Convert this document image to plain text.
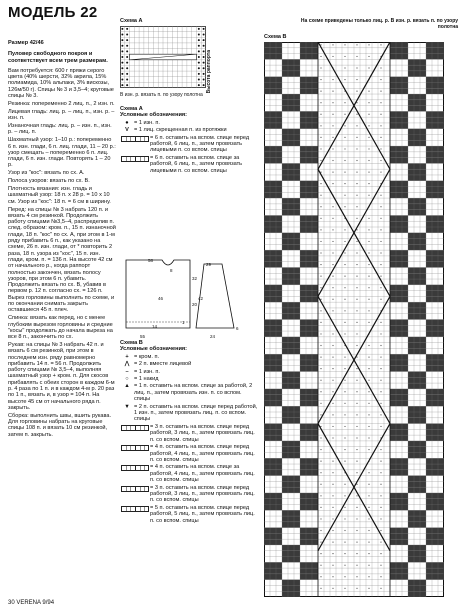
МОДЕЛЬ 22

Размер 42/46

Пуловер свободного покроя и соответствует всем трем размерам.

Вам потребуется: 600 г пряжи серого цвета (40% шерсти, 32% акрила, 15% полиамида, 10% альпаки, 3% вискозы, 126м/50 г). Спицы № 3 и 3,5–4; круговые спицы № 3.

Резинка: попеременно 2 лиц. п., 2 изн. п.

Лицевая гладь: лиц. р. – лиц. п., изн. р. – изн. п.

Изнаночная гладь: лиц. р. – изн. п., изн. р. – лиц. п.

Шахматный узор: 1–10 р.: попеременно 6 п. изн. глади, 6 п. лиц. глади, 11 – 20 р.: узор смещать – попеременно 6 п. лиц. глади, 6 п. изн. глади. Повторять 1 – 20 р.

Узор из "кос": вязать по сх. А.

Полоса узоров: вязать по сх. В.

Плотность вязания: изн. гладь и шахматный узор: 18 п. х 28 р. = 10 х 10 см. Узор из "кос": 18 п. = 6 см в ширину.

Перед: на спицы № 3 набрать 120 п. и вязать 4 см резинкой. Продолжить работу спицами №3,5–4, распределив п. след. образом: кром. п., 15 п. изнаночной глади, 18 п. "кос" по сх. А, при этом в 1-м ряду прибавить 6 п., как указано на схеме, 26 п. изн. глади, от * повторить 2 раза, 18 п. узора из "кос", 15 п. изн. глади, кром. п. = 136 п. На высоте 42 см от начального р., когда раппорт полностью закончен, вязать полосу узоров, при этом 6 п. убавить. Продолжить вязать по сх. В, убавив в первом р. 12 п. согласно сх. = 126 п. Вырез горловины выполнить по схеме, и по окончании снимать закрыть оставшиеся 45 п. плеч.

Спинка: вязать как перед, но с менее глубоким вырезом горловины и средние "косы" продолжать до начала выреза на все 8 п., закончить по сх.

Рукав: на спицы № 3 набрать 42 п. и вязать 6 см резинкой, при этом в последнем изн. ряду равномерно прибавить 14 п. = 56 п. Продолжить работу спицами № 3,5–4, выполняя шахматный узор + кром. п. Для скосов прибавлять с обеих сторон в каждом 6-м р. 4 раза по 1 п. и в каждом 4-м р. 20 раз по 1 п., вязать и, в узор = 104 п. На высоте 45 см от начального ряда п. закрыть.

Сборка: выполнить швы, вшить рукава. Для горловины набрать на круговые спицы 108 п. и вязать 10 см резинкой, затем п. закрыть.

30 VERENA 9/94
Схема А
Высота раппорта
В изн. р. вязать п. по узору полотна
Схема А
Условные обозначения:
● = 1 изн. п.
V = 1 лиц. скрещенная п. из протяжки
= 6 п. оставить на вспом. спице перед работой, 6 лиц. п., затем провязать лицевыми п. со вспом. спицы
= 6 п. оставить на вспом. спице за работой, 6 лиц. п., затем провязать лицевыми п. со вспом. спицы
58
8
32
20
14
29
42
6
1
46
24
55
Схема В
Условные обозначения:
+ = кром. п.
⋀ = 2 п. вместе лицевой
– = 1 изн. п.
○ = 1 накид
▲ = 1 п. оставить на вспом. спице за работой, 2 лиц. п., затем провязать изн. п. со вспом. спицы
▼ = 2 п. оставить на вспом. спице перед работой, 1 изн. п., затем провязать лиц. п. со вспом. спицы
= 3 п. оставить на вспом. спице перед работой, 3 лиц. п., затем провязать лиц. п. со вспом. спицы
= 4 п. оставить на вспом. спице перед работой, 4 лиц. п., затем провязать лиц. п. со вспом. спицы
= 4 п. оставить на вспом. спице за работой, 4 лиц. п., затем провязать лиц. п. со вспом. спицы
= 3 п. оставить на вспом. спице перед работой, 3 лиц. п., затем провязать лиц. п. со вспом. спицы
= 5 п. оставить на вспом. спице перед работой, 5 лиц. п., затем провязать лиц. п. со вспом. спицы
На схеме приведены только лиц. р. В изн. р. вязать п. по узору полотна
Схема В
